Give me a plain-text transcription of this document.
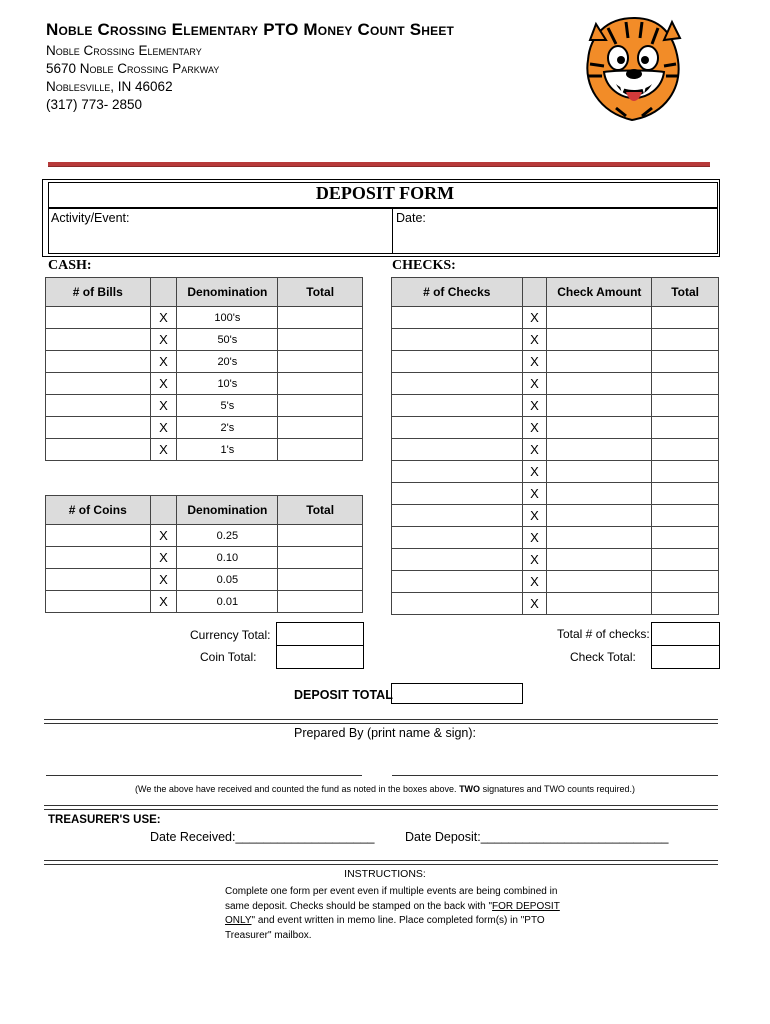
Noble Crossing Elementary PTO Money Count Sheet
Noble Crossing Elementary
5670 Noble Crossing Parkway
Noblesville, IN 46062
(317) 773- 2850
DEPOSIT FORM
Activity/Event:	Date:
CASH:	CHECKS:
# of Bills		Denomination	Total
	X	100's	
	X	50's	
	X	20's	
	X	10's	
	X	5's	
	X	2's	
	X	1's	
# of Coins		Denomination	Total
	X	0.25	
	X	0.10	
	X	0.05	
	X	0.01	
# of Checks		Check Amount	Total
	X		
	X		
	X		
	X		
	X		
	X		
	X		
	X		
	X		
	X		
	X		
	X		
	X		
	X		
Currency Total:
Coin Total:
Total # of checks:
Check Total:
DEPOSIT TOTAL
Prepared By (print name & sign):
(We the above have received and counted the fund as noted in the boxes above. TWO signatures and TWO counts required.)
TREASURER'S USE:
Date Received:____________________ Date Deposit:___________________________
INSTRUCTIONS:
Complete one form per event even if multiple events are being combined in same deposit. Checks should be stamped on the back with "FOR DEPOSIT ONLY" and event written in memo line. Place completed form(s) in "PTO Treasurer" mailbox.
